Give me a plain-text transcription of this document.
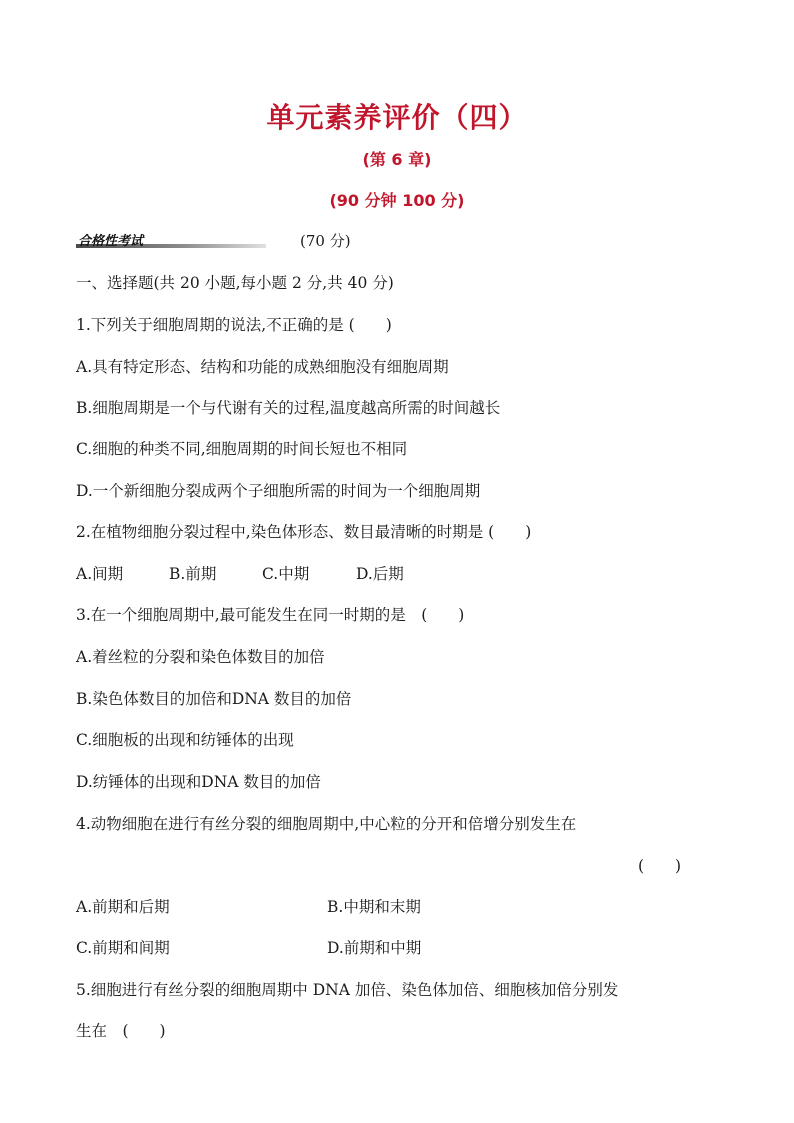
单元素养评价（四）
(第 6 章)
(90 分钟 100 分)
合格性考试	(70 分)
一、选择题(共 20 小题,每小题 2 分,共 40 分)
1.下列关于细胞周期的说法,不正确的是 (　　)
A.具有特定形态、结构和功能的成熟细胞没有细胞周期
B.细胞周期是一个与代谢有关的过程,温度越高所需的时间越长
C.细胞的种类不同,细胞周期的时间长短也不相同
D.一个新细胞分裂成两个子细胞所需的时间为一个细胞周期
2.在植物细胞分裂过程中,染色体形态、数目最清晰的时期是 (　　)
A.间期	B.前期	C.中期	D.后期
3.在一个细胞周期中,最可能发生在同一时期的是　(　　)
A.着丝粒的分裂和染色体数目的加倍
B.染色体数目的加倍和DNA 数目的加倍
C.细胞板的出现和纺锤体的出现
D.纺锤体的出现和DNA 数目的加倍
4.动物细胞在进行有丝分裂的细胞周期中,中心粒的分开和倍增分别发生在
(　　)
A.前期和后期	B.中期和末期
C.前期和间期	D.前期和中期
5.细胞进行有丝分裂的细胞周期中 DNA 加倍、染色体加倍、细胞核加倍分别发
生在　(　　)
